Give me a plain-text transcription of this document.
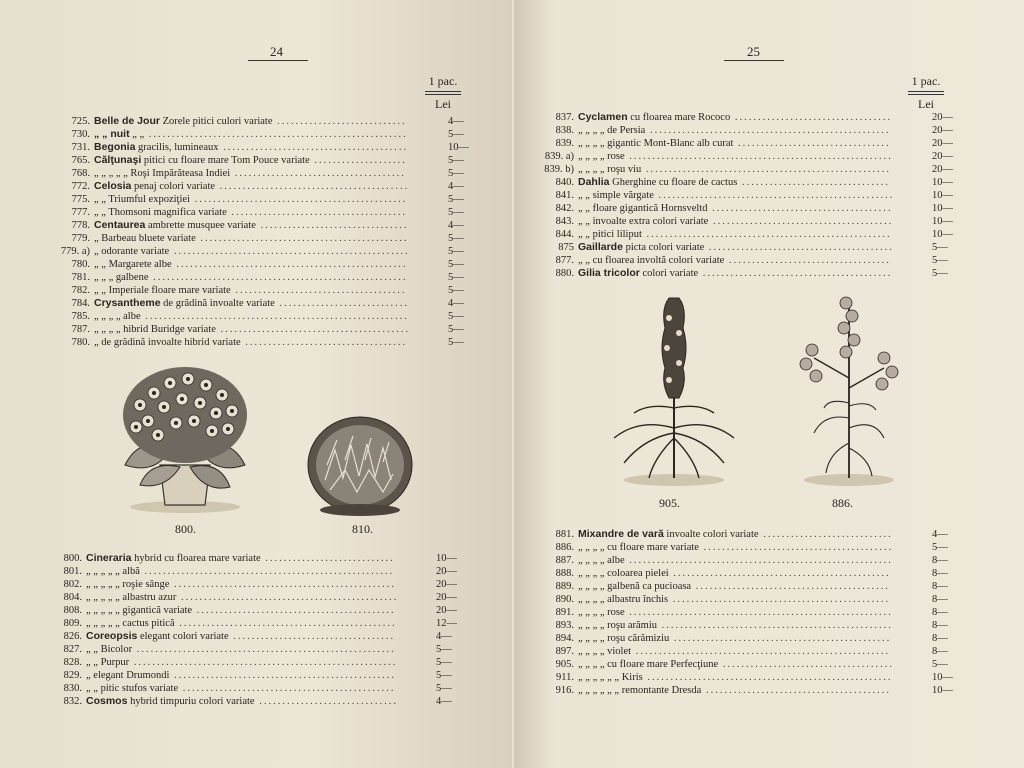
24
1 pac.
Lei
725. Belle de Jour Zorele pitici culori variate ............................	4—
730. „ „ nuit „ „ ........................................................	5—
731. Begonia gracilis, lumineaux ........................................	10—
765. Călţunaşi pitici cu floare mare Tom Pouce variate ....................	5—
768. „ „ „ „ „ Roşi Impărăteasa Indiei .....................................	5—
772. Celosia penaj colori variate .........................................	4—
775. „ „ Triumful expoziţiei ..............................................	5—
777. „ „ Thomsoni magnifica variate ......................................	5—
778. Centaurea ambrette musquee variate ................................	4—
779. „ Barbeau bluete variate .............................................	5—
779. a) „ odorante variate ...................................................	5—
780. „ „ Margarete albe ..................................................	5—
781. „ „ „ galbene .......................................................	5—
782. „ „ Imperiale floare mare variate .....................................	5—
784. Crysantheme de grădină invoalte variate ............................	4—
785. „ „ „ „ albe .........................................................	5—
787. „ „ „ „ hibrid Buridge variate .........................................	5—
780. „ de grădină invoalte hibrid variate ...................................	5—
800.	810.
800. Cineraria hybrid cu floarea mare variate ............................	10—
801. „ „ „ „ „ albă ......................................................	20—
802. „ „ „ „ „ roşie sânge ................................................	20—
804. „ „ „ „ „ albastru azur ...............................................	20—
808. „ „ „ „ „ gigantică variate ...........................................	20—
809. „ „ „ „ „ cactus pitică ...............................................	12—
826. Coreopsis elegant colori variate ...................................	4—
827. „ „ Bicolor ........................................................	5—
828. „ „ Purpur .........................................................	5—
829. „ elegant Drumondi ................................................	5—
830. „ „ pitic stufos variate ..............................................	5—
832. Cosmos hybrid timpuriu colori variate ..............................	4—
25
1 pac.
Lei
837. Cyclamen cu floarea mare Rococo ..................................	20—
838. „ „ „ „ de Persia ....................................................	20—
839. „ „ „ „ gigantic Mont-Blanc alb curat .................................	20—
839. a) „ „ „ „ rose .........................................................	20—
839. b) „ „ „ „ roşu viu .....................................................	20—
840. Dahlia Gherghine cu floare de cactus ................................	10—
841. „ „ simple vărgate ...................................................	10—
842. „ „ floare gigantică Hornsveltd .......................................	10—
843. „ „ invoalte extra colori variate .......................................	10—
844. „ „ pitici liliput .....................................................	10—
875 Gaillarde picta colori variate ........................................	5—
877. „ „ cu floarea involtă colori variate ...................................	5—
880. Gilia tricolor colori variate .........................................	5—
905.	886.
881. Mixandre de vară invoalte colori variate ............................	4—
886. „ „ „ „ cu floare mare variate .........................................	5—
887. „ „ „ „ albe .........................................................	8—
888. „ „ „ „ coloarea pielei ...............................................	8—
889. „ „ „ „ galbenă ca pucioasa ..........................................	8—
890. „ „ „ „ albastru închis ...............................................	8—
891. „ „ „ „ rose .........................................................	8—
893. „ „ „ „ roşu arămiu ..................................................	8—
894. „ „ „ „ roşu cărămiziu ...............................................	8—
897. „ „ „ „ violet .......................................................	8—
905. „ „ „ „ cu floare mare Perfecţiune .....................................	5—
911. „ „ „ „ „ „ Kiris .....................................................	10—
916. „ „ „ „ „ „ remontante Dresda ........................................	10—
